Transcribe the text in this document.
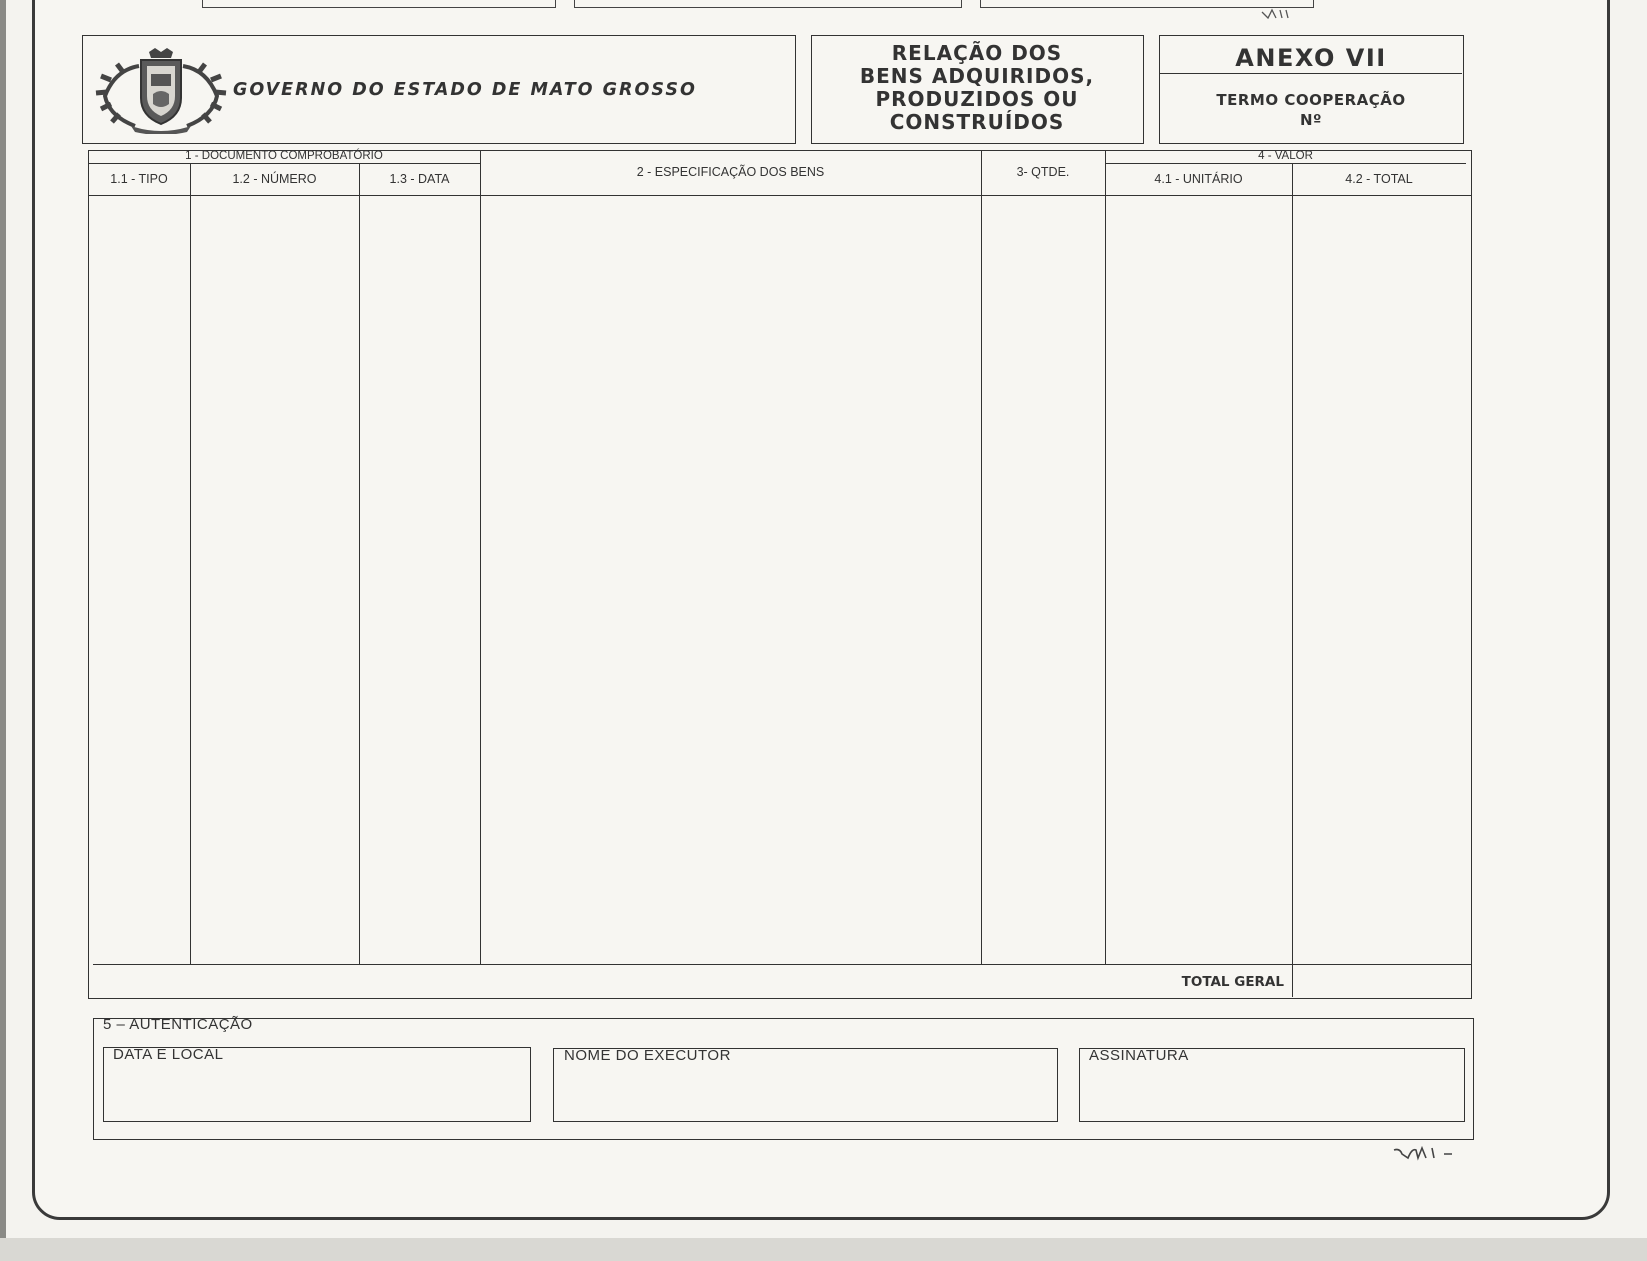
GOVERNO DO ESTADO DE MATO GROSSO
RELAÇÃO DOS
BENS ADQUIRIDOS,
PRODUZIDOS OU
CONSTRUÍDOS
ANEXO VII
TERMO COOPERAÇÃO
Nº
1 - DOCUMENTO COMPROBATÓRIO
1.1 - TIPO	1.2 - NÚMERO	1.3 - DATA	2 - ESPECIFICAÇÃO DOS BENS	3- QTDE.
4 - VALOR
4.1 - UNITÁRIO	4.2 - TOTAL
TOTAL GERAL
5 – AUTENTICAÇÃO
DATA E LOCAL	NOME DO EXECUTOR	ASSINATURA
